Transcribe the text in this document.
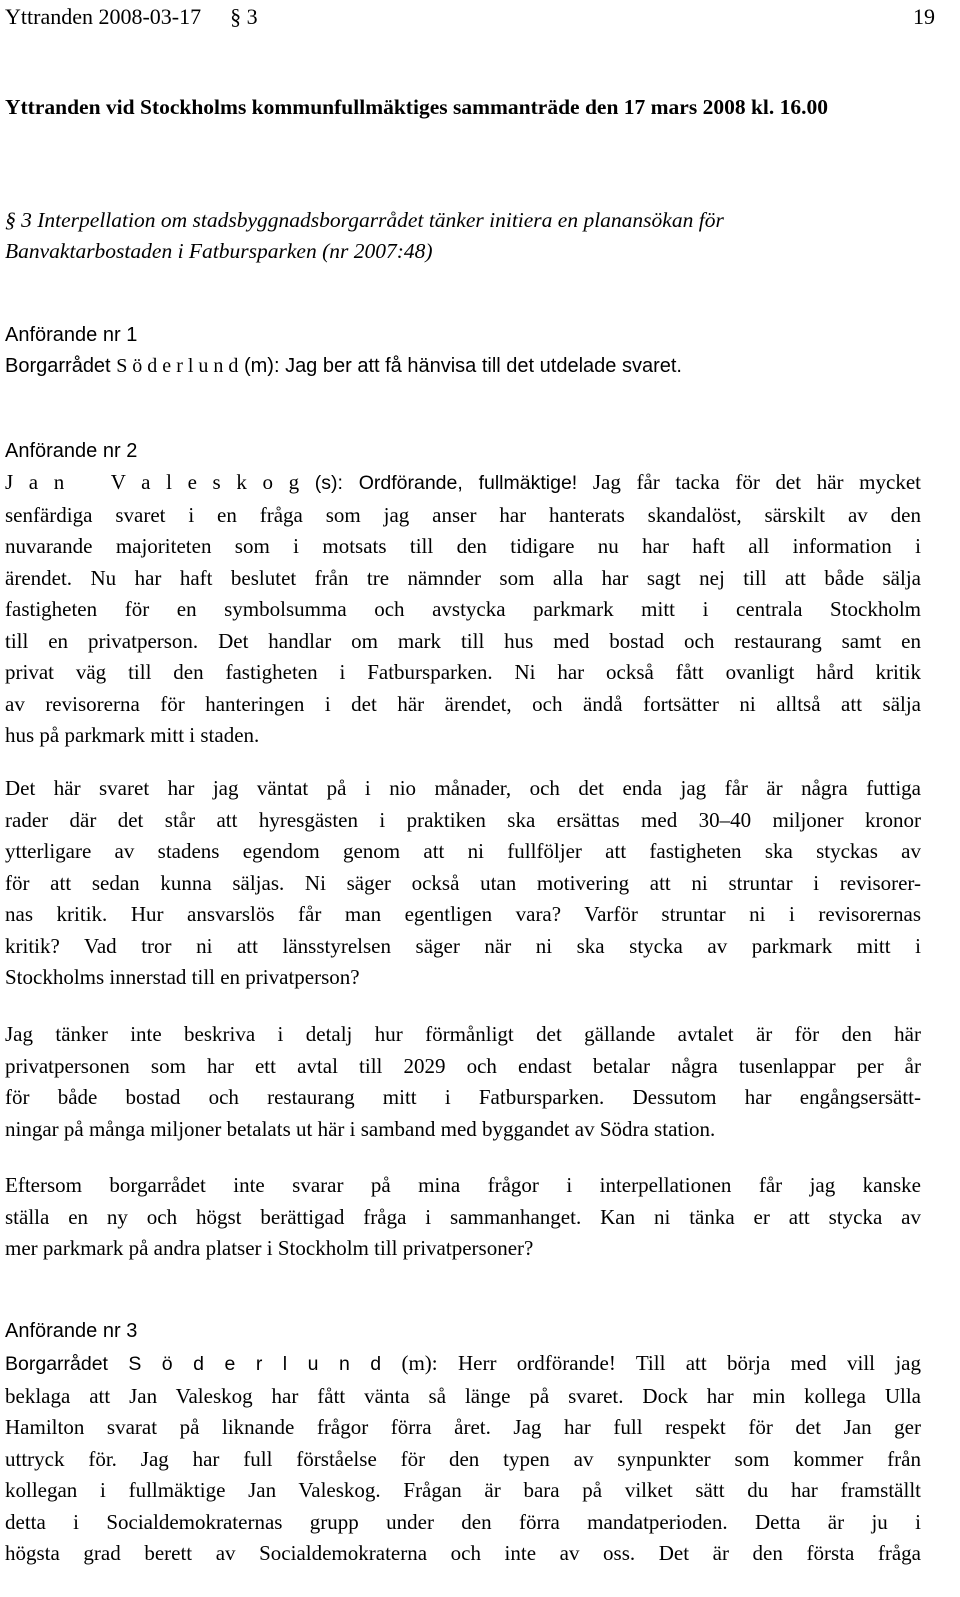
Yttranden 2008-03-17 § 3	19
Yttranden vid Stockholms kommunfullmäktiges sammanträde den 17 mars 2008 kl. 16.00
§ 3 Interpellation om stadsbyggnadsborgarrådet tänker initiera en planansökan för
Banvaktarbostaden i Fatbursparken (nr 2007:48)
Anförande nr 1
Borgarrådet S ö d e r l u n d (m): Jag ber att få hänvisa till det utdelade svaret.
Anförande nr 2
J a n   V a l e s k o g (s): Ordförande, fullmäktige! Jag får tacka för det här mycket
senfärdiga svaret i en fråga som jag anser har hanterats skandalöst, särskilt av den
nuvarande majoriteten som i motsats till den tidigare nu har haft all information i
ärendet. Nu har haft beslutet från tre nämnder som alla har sagt nej till att både sälja
fastigheten för en symbolsumma och avstycka parkmark mitt i centrala Stockholm
till en privatperson. Det handlar om mark till hus med bostad och restaurang samt en
privat väg till den fastigheten i Fatbursparken. Ni har också fått ovanligt hård kritik
av revisorerna för hanteringen i det här ärendet, och ändå fortsätter ni alltså att sälja
hus på parkmark mitt i staden.
Det här svaret har jag väntat på i nio månader, och det enda jag får är några futtiga
rader där det står att hyresgästen i praktiken ska ersättas med 30–40 miljoner kronor
ytterligare av stadens egendom genom att ni fullföljer att fastigheten ska styckas av
för att sedan kunna säljas. Ni säger också utan motivering att ni struntar i revisorer-
nas kritik. Hur ansvarslös får man egentligen vara? Varför struntar ni i revisorernas
kritik? Vad tror ni att länsstyrelsen säger när ni ska stycka av parkmark mitt i
Stockholms innerstad till en privatperson?
Jag tänker inte beskriva i detalj hur förmånligt det gällande avtalet är för den här
privatpersonen som har ett avtal till 2029 och endast betalar några tusenlappar per år
för både bostad och restaurang mitt i Fatbursparken. Dessutom har engångsersätt-
ningar på många miljoner betalats ut här i samband med byggandet av Södra station.
Eftersom borgarrådet inte svarar på mina frågor i interpellationen får jag kanske
ställa en ny och högst berättigad fråga i sammanhanget. Kan ni tänka er att stycka av
mer parkmark på andra platser i Stockholm till privatpersoner?
Anförande nr 3
Borgarrådet S ö d e r l u n d (m): Herr ordförande! Till att börja med vill jag
beklaga att Jan Valeskog har fått vänta så länge på svaret. Dock har min kollega Ulla
Hamilton svarat på liknande frågor förra året. Jag har full respekt för det Jan ger
uttryck för. Jag har full förståelse för den typen av synpunkter som kommer från
kollegan i fullmäktige Jan Valeskog. Frågan är bara på vilket sätt du har framställt
detta i Socialdemokraternas grupp under den förra mandatperioden. Detta är ju i
högsta grad berett av Socialdemokraterna och inte av oss. Det är den första fråga
